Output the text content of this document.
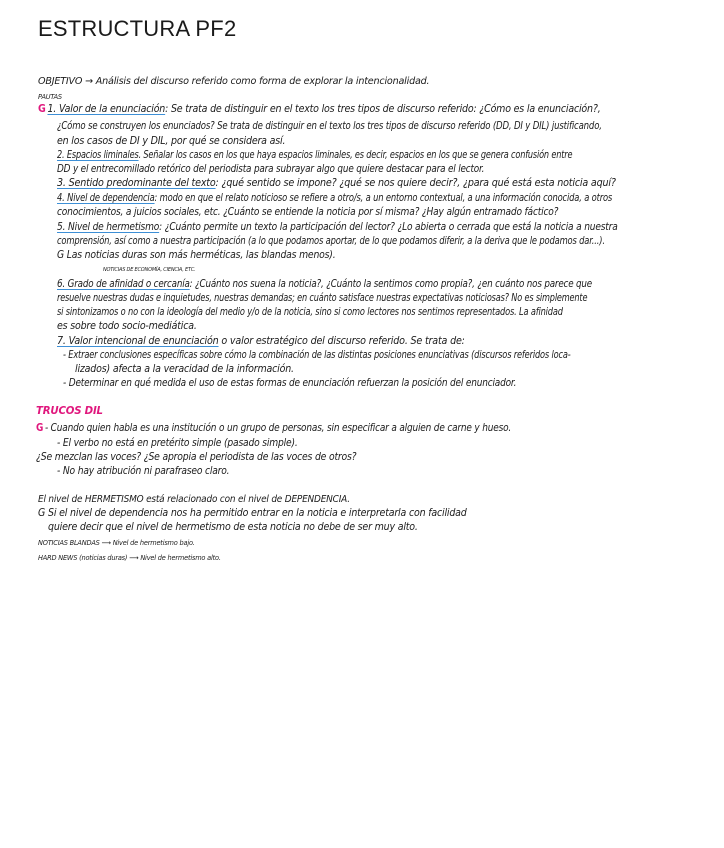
ESTRUCTURA PF2
OBJETIVO → Análisis del discurso referido como forma de explorar la intencionalidad.
PAUTAS
G 1. Valor de la enunciación: Se trata de distinguir en el texto los tres tipos de discurso referido: ¿Cómo es la enunciación?,
¿Cómo se construyen los enunciados? Se trata de distinguir en el texto los tres tipos de discurso referido (DD, DI y DIL) justificando,
en los casos de DI y DIL, por qué se considera así.
2. Espacios liminales. Señalar los casos en los que haya espacios liminales, es decir, espacios en los que se genera confusión entre
DD y el entrecomillado retórico del periodista para subrayar algo que quiere destacar para el lector.
3. Sentido predominante del texto: ¿qué sentido se impone? ¿qué se nos quiere decir?, ¿para qué está esta noticia aquí?
4. Nivel de dependencia: modo en que el relato noticioso se refiere a otro/s, a un entorno contextual, a una información conocida, a otros
conocimientos, a juicios sociales, etc. ¿Cuánto se entiende la noticia por sí misma? ¿Hay algún entramado fáctico?
5. Nivel de hermetismo: ¿Cuánto permite un texto la participación del lector? ¿Lo abierta o cerrada que está la noticia a nuestra
comprensión, así como a nuestra participación (a lo que podamos aportar, de lo que podamos diferir, a la deriva que le podamos dar...).
G Las noticias duras son más herméticas, las blandas menos).
NOTICIAS DE ECONOMÍA, CIENCIA, ETC.
6. Grado de afinidad o cercanía: ¿Cuánto nos suena la noticia?, ¿Cuánto la sentimos como propia?, ¿en cuánto nos parece que
resuelve nuestras dudas e inquietudes, nuestras demandas; en cuánto satisface nuestras expectativas noticiosas? No es simplemente
si sintonizamos o no con la ideología del medio y/o de la noticia, sino si como lectores nos sentimos representados. La afinidad
es sobre todo socio-mediática.
7. Valor intencional de enunciación o valor estratégico del discurso referido. Se trata de:
- Extraer conclusiones específicas sobre cómo la combinación de las distintas posiciones enunciativas (discursos referidos loca-
lizados) afecta a la veracidad de la información.
- Determinar en qué medida el uso de estas formas de enunciación refuerzan la posición del enunciador.
TRUCOS DIL
G - Cuando quien habla es una institución o un grupo de personas, sin especificar a alguien de carne y hueso.
- El verbo no está en pretérito simple (pasado simple).
¿Se mezclan las voces? ¿Se apropia el periodista de las voces de otros?
- No hay atribución ni parafraseo claro.
El nivel de HERMETISMO está relacionado con el nivel de DEPENDENCIA.
G Si el nivel de dependencia nos ha permitido entrar en la noticia e interpretarla con facilidad
quiere decir que el nivel de hermetismo de esta noticia no debe de ser muy alto.
NOTICIAS BLANDAS ⟶ Nivel de hermetismo bajo.
HARD NEWS (noticias duras) ⟶ Nivel de hermetismo alto.
